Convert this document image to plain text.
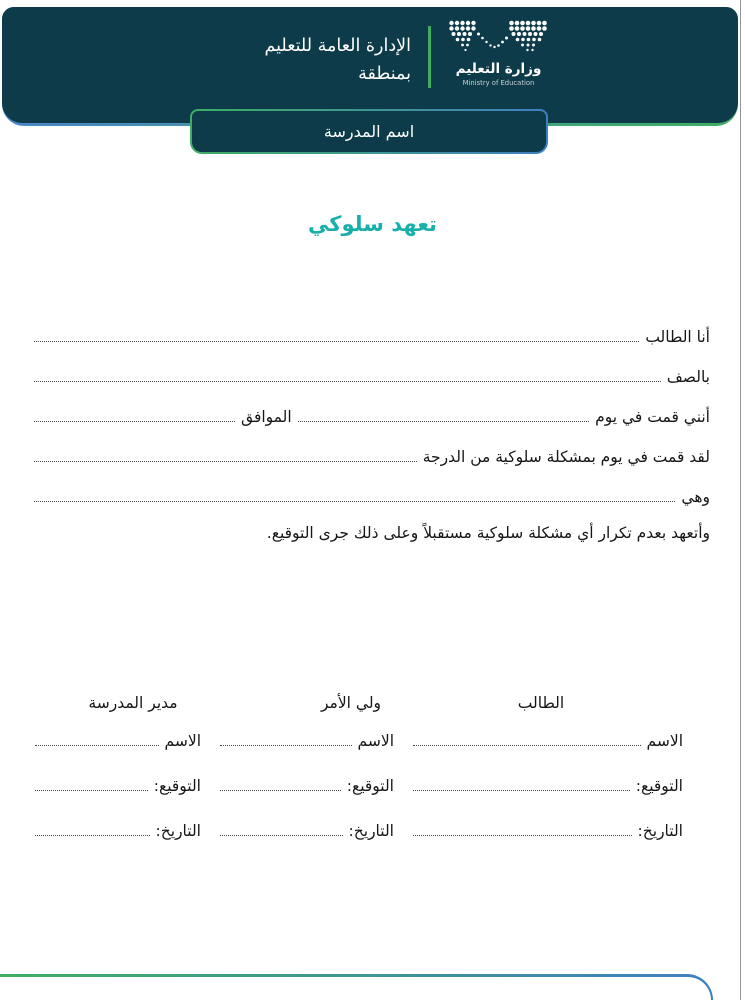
الإدارة العامة للتعليم
بمنطقة	وزارة التعليم
Ministry of Education
اسم المدرسة
تعهد سلوكي
أنا الطالب
بالصف
أنني قمت في يوم
الموافق
لقد قمت في يوم بمشكلة سلوكية من الدرجة
وهي
وأتعهد بعدم تكرار أي مشكلة سلوكية مستقبلاً وعلى ذلك جرى التوقيع.
الطالب
ولي الأمر
مدير المدرسة
الاسم
الاسم
الاسم
التوقيع:
التوقيع:
التوقيع:
التاريخ:
التاريخ:
التاريخ:
